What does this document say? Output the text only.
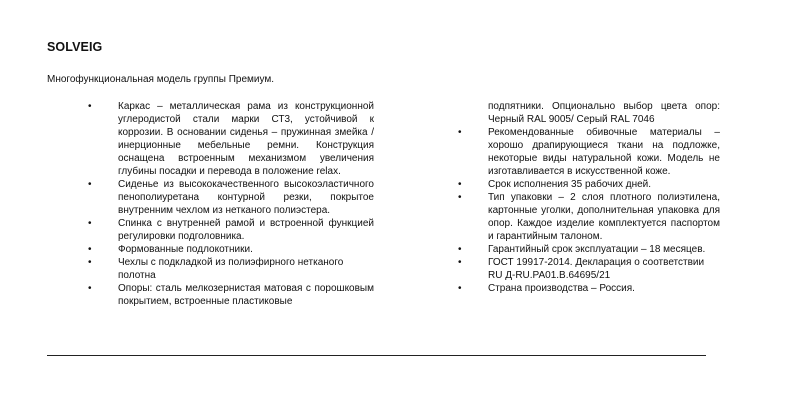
SOLVEIG
Многофункциональная модель группы Премиум.
•	Каркас – металлическая рама из конструкционной углеродистой стали марки СТ3, устойчивой к коррозии. В основании сиденья – пружинная змейка / инерционные мебельные ремни. Конструкция оснащена встроенным механизмом увеличения глубины посадки и перевода в положение relax.
•	Сиденье из высококачественного высокоэластичного пенополиуретана контурной резки, покрытое внутренним чехлом из нетканого полиэстера.
•	Спинка с внутренней рамой и встроенной функцией регулировки подголовника.
•	Формованные подлокотники.
•	Чехлы с подкладкой из полиэфирного нетканого полотна
•	Опоры: сталь мелкозернистая матовая с порошковым покрытием, встроенные пластиковые
подпятники. Опционально выбор цвета опор: Черный RAL 9005/ Серый RAL 7046
•	Рекомендованные обивочные материалы – хорошо драпирующиеся ткани на подложке, некоторые виды натуральной кожи. Модель не изготавливается в искусственной коже.
•	Срок исполнения 35 рабочих дней.
•	Тип упаковки – 2 слоя плотного полиэтилена, картонные уголки, дополнительная упаковка для опор. Каждое изделие комплектуется паспортом и гарантийным талоном.
•	Гарантийный срок эксплуатации – 18 месяцев.
•	ГОСТ 19917-2014. Декларация о соответствии RU Д-RU.PA01.B.64695/21
•	Страна производства – Россия.
